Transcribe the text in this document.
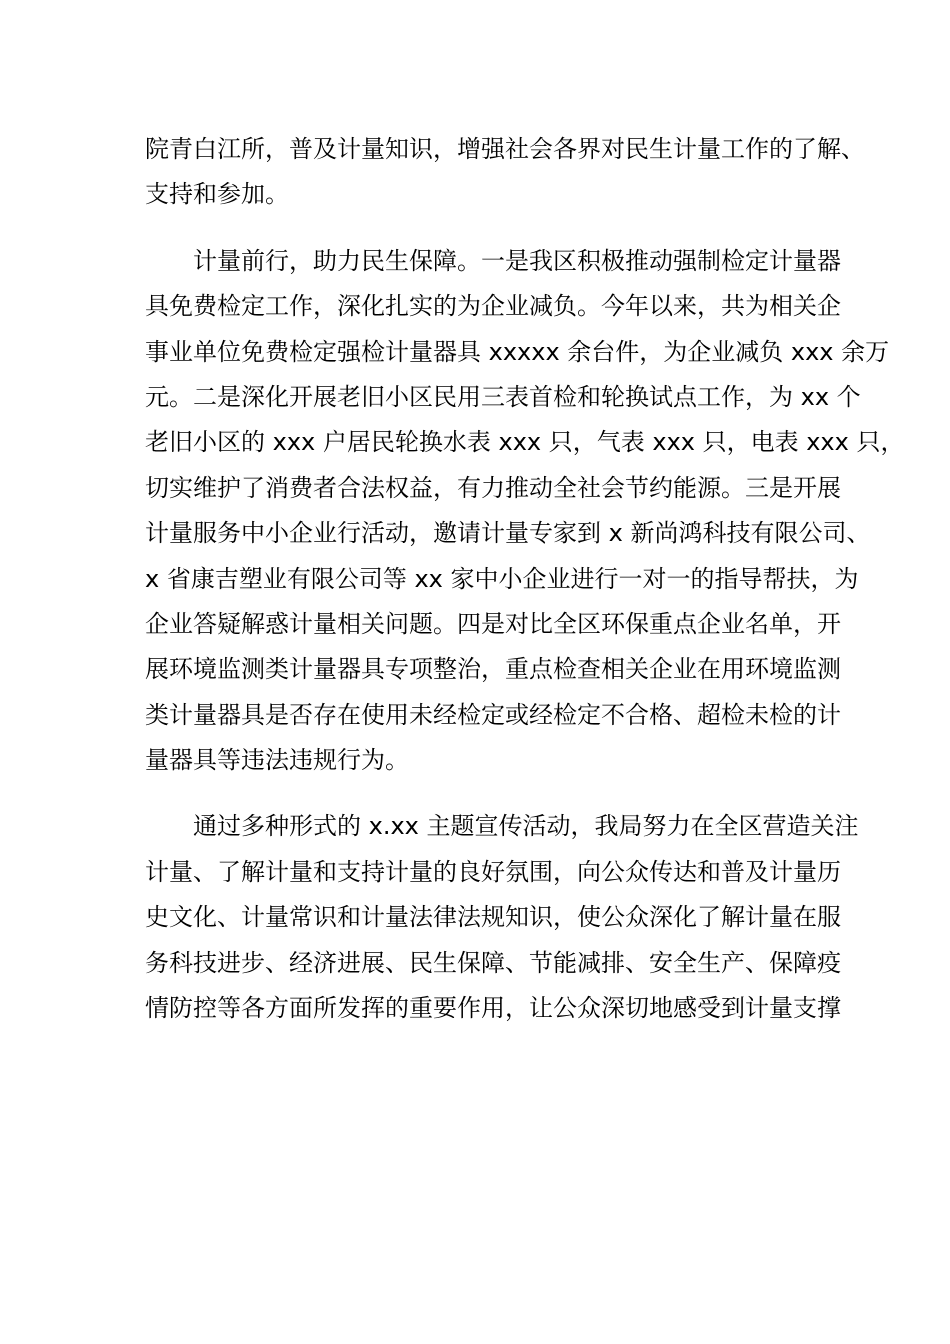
院青白江所，普及计量知识，增强社会各界对民生计量工作的了解、
支持和参加。
计量前行，助力民生保障。一是我区积极推动强制检定计量器
具免费检定工作，深化扎实的为企业减负。今年以来，共为相关企
事业单位免费检定强检计量器具 xxxxx 余台件，为企业减负 xxx 余万
元。二是深化开展老旧小区民用三表首检和轮换试点工作，为 xx 个
老旧小区的 xxx 户居民轮换水表 xxx 只，气表 xxx 只，电表 xxx 只，
切实维护了消费者合法权益，有力推动全社会节约能源。三是开展
计量服务中小企业行活动，邀请计量专家到 x 新尚鸿科技有限公司、
x 省康吉塑业有限公司等 xx 家中小企业进行一对一的指导帮扶，为
企业答疑解惑计量相关问题。四是对比全区环保重点企业名单，开
展环境监测类计量器具专项整治，重点检查相关企业在用环境监测
类计量器具是否存在使用未经检定或经检定不合格、超检未检的计
量器具等违法违规行为。
通过多种形式的 x.xx 主题宣传活动，我局努力在全区营造关注
计量、了解计量和支持计量的良好氛围，向公众传达和普及计量历
史文化、计量常识和计量法律法规知识，使公众深化了解计量在服
务科技进步、经济进展、民生保障、节能减排、安全生产、保障疫
情防控等各方面所发挥的重要作用，让公众深切地感受到计量支撑
